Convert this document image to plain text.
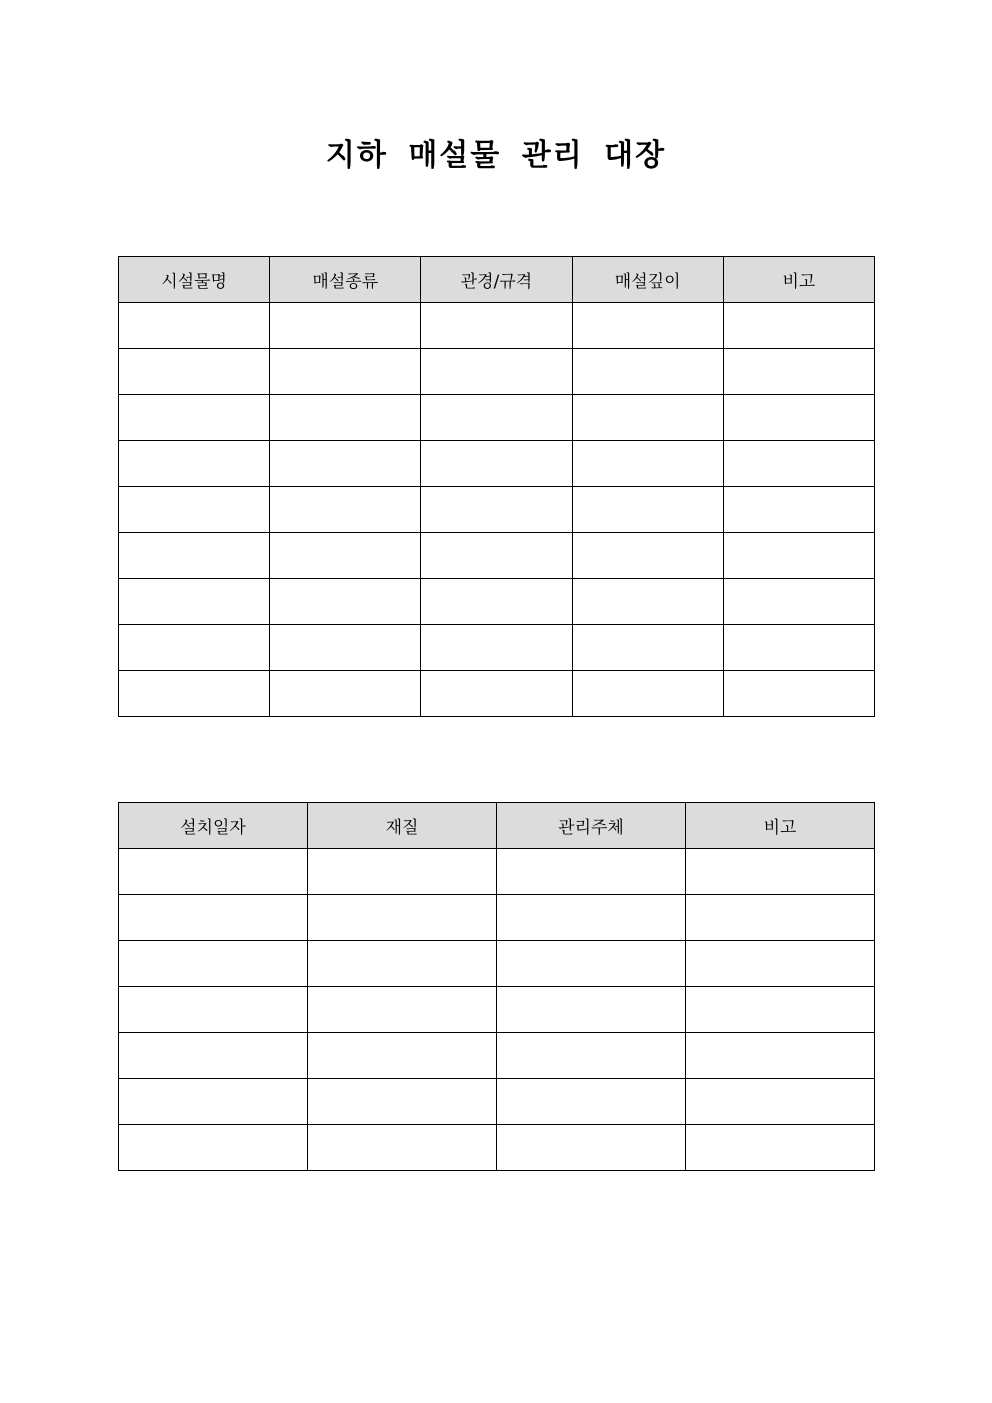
지하 매설물 관리 대장
시설물명	매설종류	관경/규격	매설깊이	비고

설치일자	재질	관리주체	비고
